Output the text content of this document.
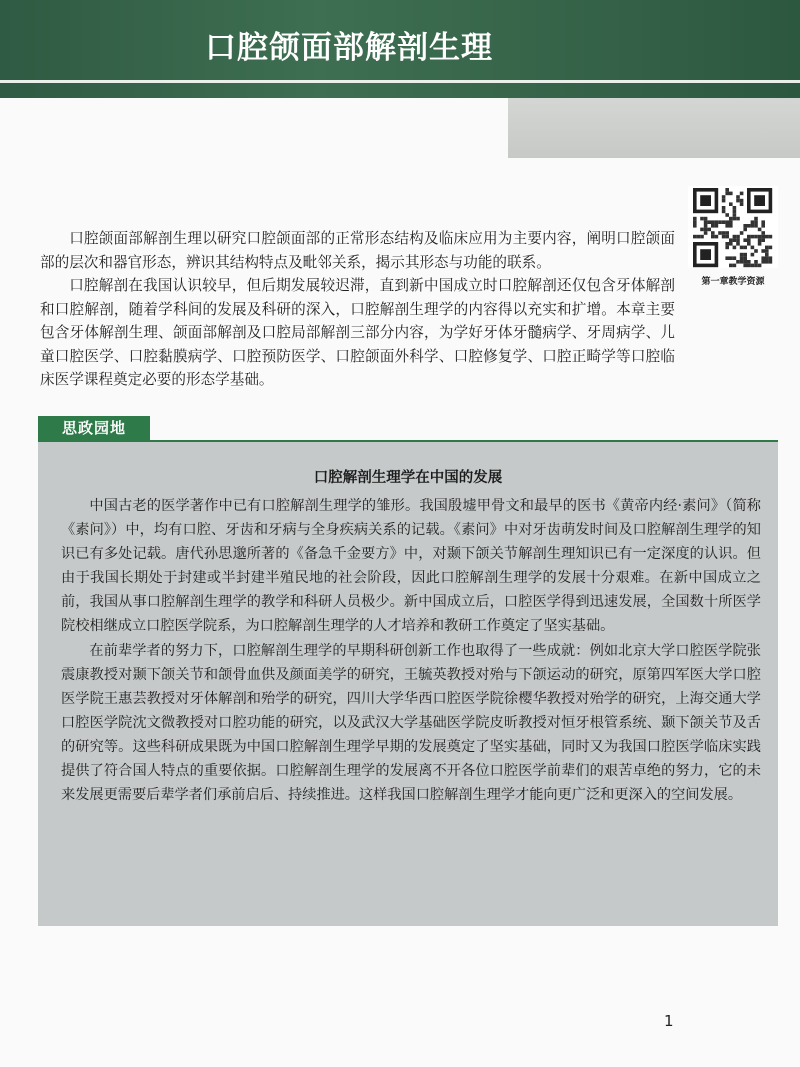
口腔颌面部解剖生理
第一章教学资源

口腔颌面部解剖生理以研究口腔颌面部的正常形态结构及临床应用为主要内容，阐明口腔颌面部的层次和器官形态，辨识其结构特点及毗邻关系，揭示其形态与功能的联系。

口腔解剖在我国认识较早，但后期发展较迟滞，直到新中国成立时口腔解剖还仅包含牙体解剖和口腔解剖，随着学科间的发展及科研的深入，口腔解剖生理学的内容得以充实和扩增。本章主要包含牙体解剖生理、颌面部解剖及口腔局部解剖三部分内容，为学好牙体牙髓病学、牙周病学、儿童口腔医学、口腔黏膜病学、口腔预防医学、口腔颌面外科学、口腔修复学、口腔正畸学等口腔临床医学课程奠定必要的形态学基础。

思政园地
口腔解剖生理学在中国的发展

中国古老的医学著作中已有口腔解剖生理学的雏形。我国殷墟甲骨文和最早的医书《黄帝内经·素问》（简称《素问》）中，均有口腔、牙齿和牙病与全身疾病关系的记载。《素问》中对牙齿萌发时间及口腔解剖生理学的知识已有多处记载。唐代孙思邈所著的《备急千金要方》中，对颞下颌关节解剖生理知识已有一定深度的认识。但由于我国长期处于封建或半封建半殖民地的社会阶段，因此口腔解剖生理学的发展十分艰难。在新中国成立之前，我国从事口腔解剖生理学的教学和科研人员极少。新中国成立后，口腔医学得到迅速发展，全国数十所医学院校相继成立口腔医学院系，为口腔解剖生理学的人才培养和教研工作奠定了坚实基础。

在前辈学者的努力下，口腔解剖生理学的早期科研创新工作也取得了一些成就：例如北京大学口腔医学院张震康教授对颞下颌关节和颌骨血供及颜面美学的研究，王毓英教授对殆与下颌运动的研究，原第四军医大学口腔医学院王惠芸教授对牙体解剖和殆学的研究，四川大学华西口腔医学院徐樱华教授对殆学的研究，上海交通大学口腔医学院沈文微教授对口腔功能的研究，以及武汉大学基础医学院皮昕教授对恒牙根管系统、颞下颌关节及舌的研究等。这些科研成果既为中国口腔解剖生理学早期的发展奠定了坚实基础，同时又为我国口腔医学临床实践提供了符合国人特点的重要依据。口腔解剖生理学的发展离不开各位口腔医学前辈们的艰苦卓绝的努力，它的未来发展更需要后辈学者们承前启后、持续推进。这样我国口腔解剖生理学才能向更广泛和更深入的空间发展。

1
